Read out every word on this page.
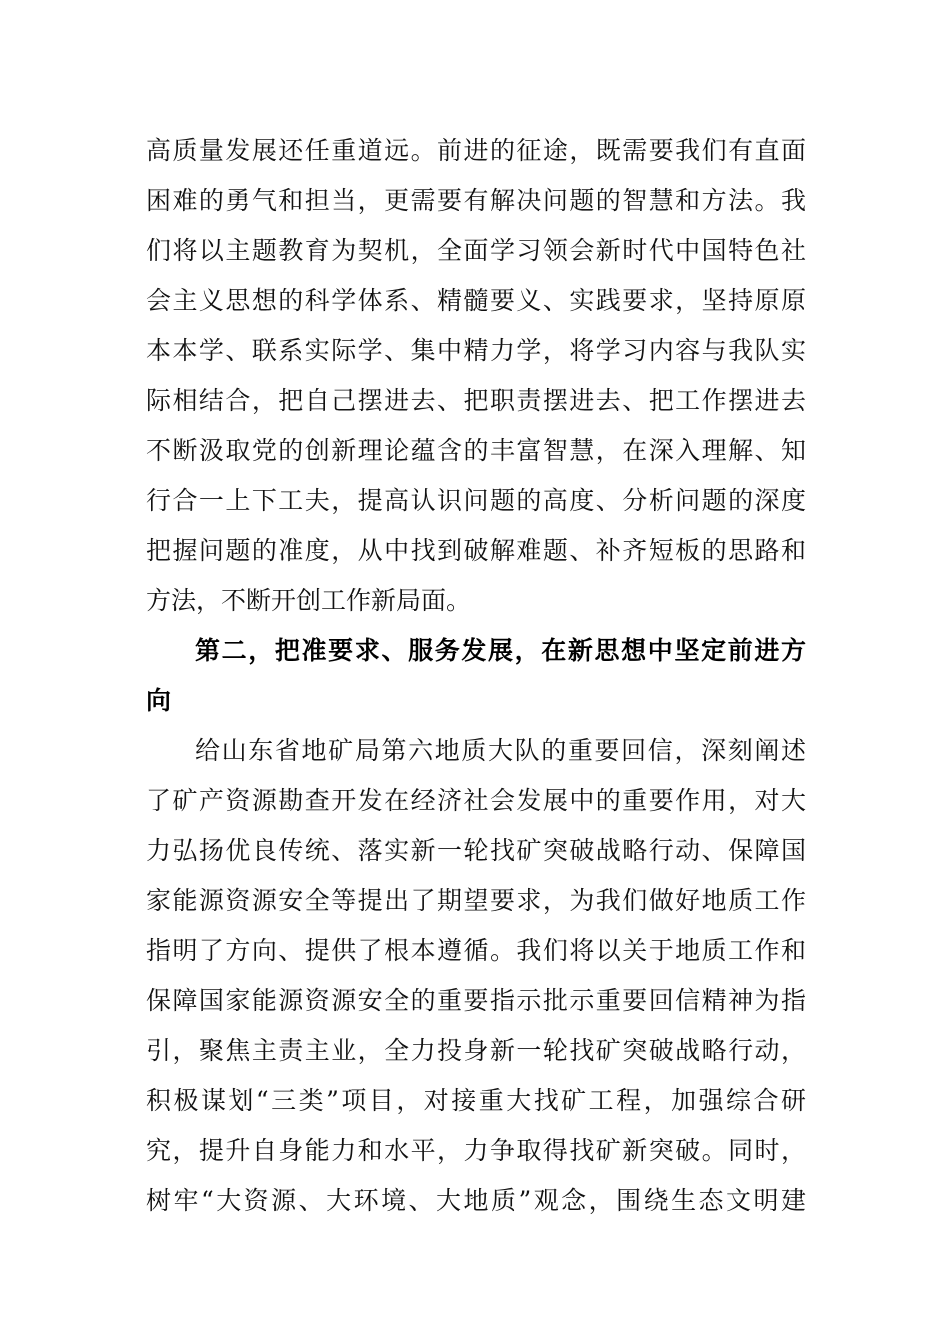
高质量发展还任重道远。前进的征途，既需要我们有直面
困难的勇气和担当，更需要有解决问题的智慧和方法。我
们将以主题教育为契机，全面学习领会新时代中国特色社
会主义思想的科学体系、精髓要义、实践要求，坚持原原
本本学、联系实际学、集中精力学，将学习内容与我队实
际相结合，把自己摆进去、把职责摆进去、把工作摆进去
不断汲取党的创新理论蕴含的丰富智慧，在深入理解、知
行合一上下工夫，提高认识问题的高度、分析问题的深度
把握问题的准度，从中找到破解难题、补齐短板的思路和
方法，不断开创工作新局面。
第二，把准要求、服务发展，在新思想中坚定前进方
向
给山东省地矿局第六地质大队的重要回信，深刻阐述
了矿产资源勘查开发在经济社会发展中的重要作用，对大
力弘扬优良传统、落实新一轮找矿突破战略行动、保障国
家能源资源安全等提出了期望要求，为我们做好地质工作
指明了方向、提供了根本遵循。我们将以关于地质工作和
保障国家能源资源安全的重要指示批示重要回信精神为指
引，聚焦主责主业，全力投身新一轮找矿突破战略行动，
积极谋划“三类”项目，对接重大找矿工程，加强综合研
究，提升自身能力和水平，力争取得找矿新突破。同时，
树牢“大资源、大环境、大地质”观念，围绕生态文明建
